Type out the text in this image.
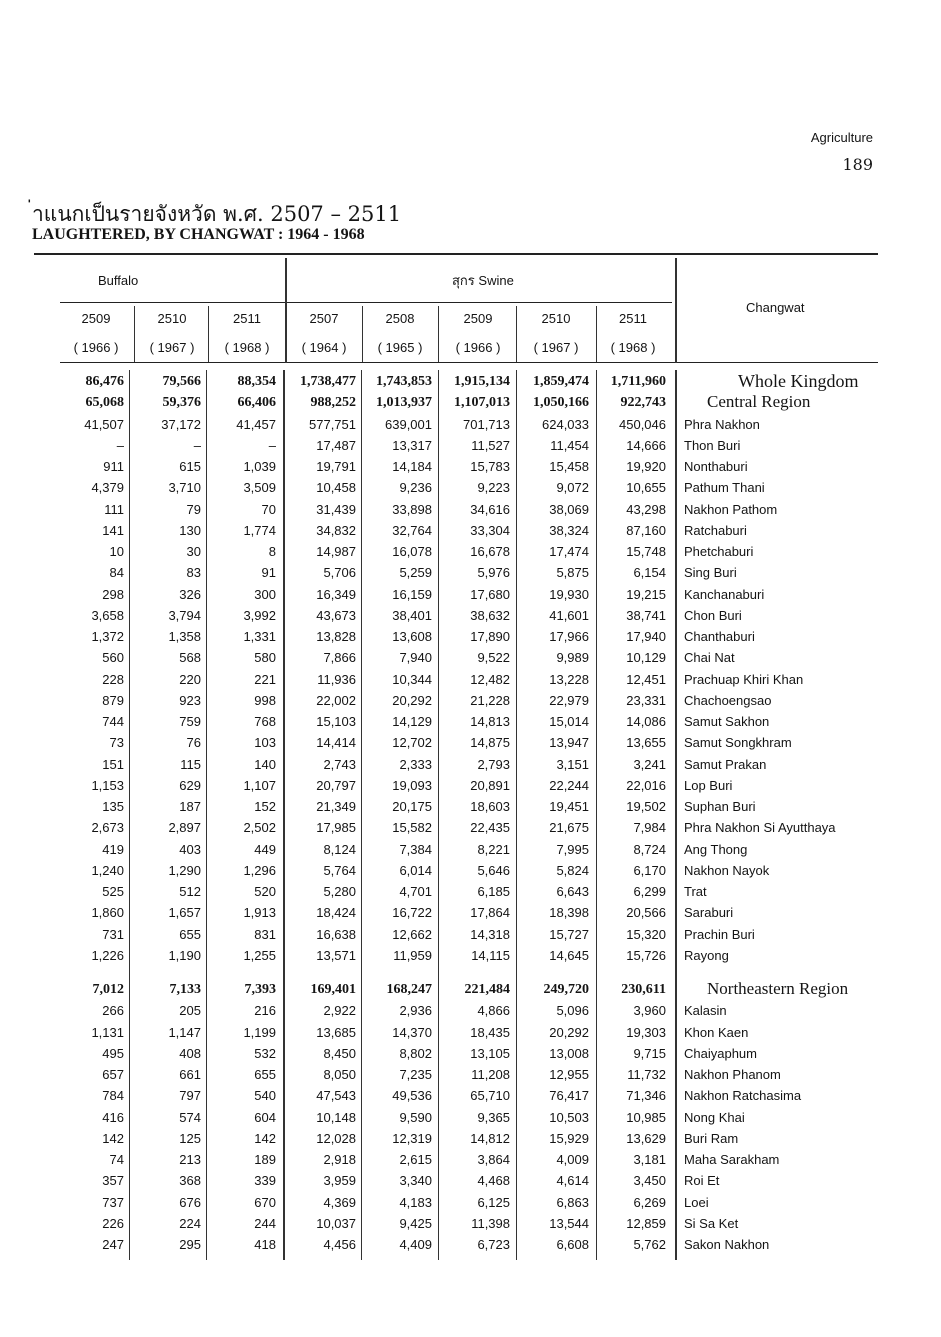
Agriculture
189
่าแนกเป็นรายจังหวัด พ.ศ. 2507 – 2511
LAUGHTERED, BY CHANGWAT : 1964 - 1968
Buffalo	สุกร Swine
Changwat
2509
( 1966 )
2510
( 1967 )
2511
( 1968 )
2507
( 1964 )
2508
( 1965 )
2509
( 1966 )
2510
( 1967 )
2511
( 1968 )
86,476	79,566	88,354 1,738,477 1,743,853 1,915,134 1,859,474 1,711,960	Whole Kingdom
65,068	59,376	66,406 988,252 1,013,937 1,107,013 1,050,166 922,743 Central Region
41,507	37,172	41,457	577,751 639,001 701,713 624,033 450,046 Phra Nakhon
–	–	–	17,487	13,317	11,527	11,454	14,666 Thon Buri
911	615	1,039	19,791	14,184	15,783	15,458	19,920 Nonthaburi
4,379	3,710	3,509	10,458	9,236	9,223	9,072	10,655 Pathum Thani
111	79	70	31,439	33,898	34,616	38,069	43,298 Nakhon Pathom
141	130	1,774	34,832	32,764	33,304	38,324	87,160 Ratchaburi
10	30	8	14,987	16,078	16,678	17,474	15,748 Phetchaburi
84	83	91	5,706	5,259	5,976	5,875	6,154 Sing Buri
298	326	300	16,349	16,159	17,680	19,930	19,215 Kanchanaburi
3,658	3,794	3,992	43,673	38,401	38,632	41,601	38,741 Chon Buri
1,372	1,358	1,331	13,828	13,608	17,890	17,966	17,940 Chanthaburi
560	568	580	7,866	7,940	9,522	9,989	10,129 Chai Nat
228	220	221	11,936	10,344	12,482	13,228	12,451 Prachuap Khiri Khan
879	923	998	22,002	20,292	21,228	22,979	23,331 Chachoengsao
744	759	768	15,103	14,129	14,813	15,014	14,086 Samut Sakhon
73	76	103	14,414	12,702	14,875	13,947	13,655 Samut Songkhram
151	115	140	2,743	2,333	2,793	3,151	3,241 Samut Prakan
1,153	629	1,107	20,797	19,093	20,891	22,244	22,016 Lop Buri
135	187	152	21,349	20,175	18,603	19,451	19,502 Suphan Buri
2,673	2,897	2,502	17,985	15,582	22,435	21,675	7,984 Phra Nakhon Si Ayutthaya
419	403	449	8,124	7,384	8,221	7,995	8,724 Ang Thong
1,240	1,290	1,296	5,764	6,014	5,646	5,824	6,170 Nakhon Nayok
525	512	520	5,280	4,701	6,185	6,643	6,299 Trat
1,860	1,657	1,913	18,424	16,722	17,864	18,398	20,566 Saraburi
731	655	831	16,638	12,662	14,318	15,727	15,320 Prachin Buri
1,226	1,190	1,255	13,571	11,959	14,115	14,645	15,726 Rayong
7,012	7,133	7,393 169,401 168,247 221,484 249,720 230,611 Northeastern Region
266	205	216	2,922	2,936	4,866	5,096	3,960 Kalasin
1,131	1,147	1,199	13,685	14,370	18,435	20,292	19,303 Khon Kaen
495	408	532	8,450	8,802	13,105	13,008	9,715 Chaiyaphum
657	661	655	8,050	7,235	11,208	12,955	11,732 Nakhon Phanom
784	797	540	47,543	49,536	65,710	76,417	71,346 Nakhon Ratchasima
416	574	604	10,148	9,590	9,365	10,503	10,985 Nong Khai
142	125	142	12,028	12,319	14,812	15,929	13,629 Buri Ram
74	213	189	2,918	2,615	3,864	4,009	3,181 Maha Sarakham
357	368	339	3,959	3,340	4,468	4,614	3,450 Roi Et
737	676	670	4,369	4,183	6,125	6,863	6,269 Loei
226	224	244	10,037	9,425	11,398	13,544	12,859 Si Sa Ket
247	295	418	4,456	4,409	6,723	6,608	5,762 Sakon Nakhon
